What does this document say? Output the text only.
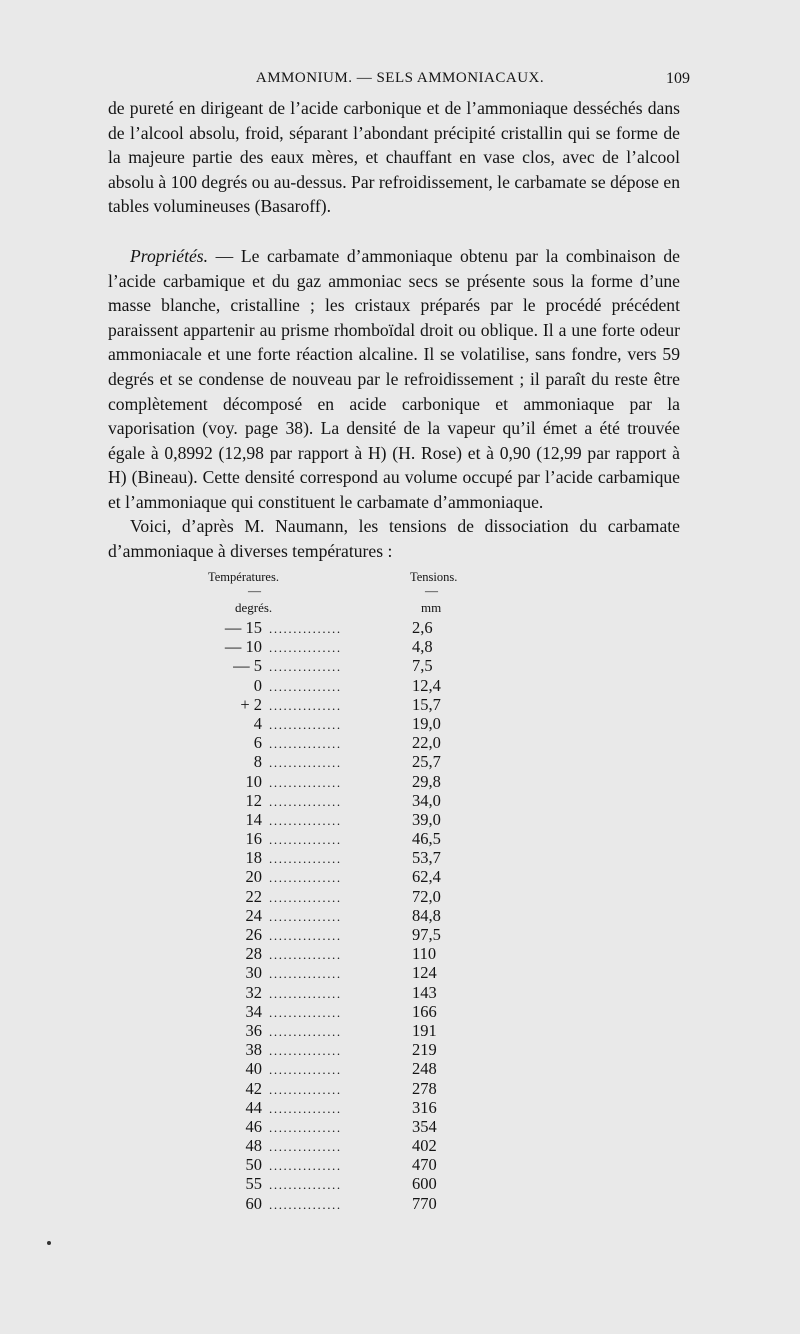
AMMONIUM. — SELS AMMONIACAUX.	109
de pureté en dirigeant de l’acide carbonique et de l’ammoniaque desséchés dans de l’alcool absolu, froid, séparant l’abondant précipité cristallin qui se forme de la majeure partie des eaux mères, et chauffant en vase clos, avec de l’alcool absolu à 100 degrés ou au-dessus. Par refroidissement, le carbamate se dépose en tables volumineuses (Basaroff).
Propriétés. — Le carbamate d’ammoniaque obtenu par la combinaison de l’acide carbamique et du gaz ammoniac secs se présente sous la forme d’une masse blanche, cristalline ; les cristaux préparés par le procédé précédent paraissent appartenir au prisme rhomboïdal droit ou oblique. Il a une forte odeur ammoniacale et une forte réaction alcaline. Il se volatilise, sans fondre, vers 59 degrés et se condense de nouveau par le refroidissement ; il paraît du reste être complètement décomposé en acide carbonique et ammoniaque par la vaporisation (voy. page 38). La densité de la vapeur qu’il émet a été trouvée égale à 0,8992 (12,98 par rapport à H) (H. Rose) et à 0,90 (12,99 par rapport à H) (Bineau). Cette densité correspond au volume occupé par l’acide carbamique et l’ammoniaque qui constituent le carbamate d’ammoniaque.
Voici, d’après M. Naumann, les tensions de dissociation du carbamate d’ammoniaque à diverses températures :
Températures.	Tensions.
—	—
degrés.	mm
— 15 ...............	2,6
— 10 ...............	4,8
— 5 ...............	7,5
0 ...............	12,4
+ 2 ...............	15,7
4 ...............	19,0
6 ...............	22,0
8 ...............	25,7
10 ...............	29,8
12 ...............	34,0
14 ...............	39,0
16 ...............	46,5
18 ...............	53,7
20 ...............	62,4
22 ...............	72,0
24 ...............	84,8
26 ...............	97,5
28 ...............	110
30 ...............	124
32 ...............	143
34 ...............	166
36 ...............	191
38 ...............	219
40 ...............	248
42 ...............	278
44 ...............	316
46 ...............	354
48 ...............	402
50 ...............	470
55 ...............	600
60 ...............	770
